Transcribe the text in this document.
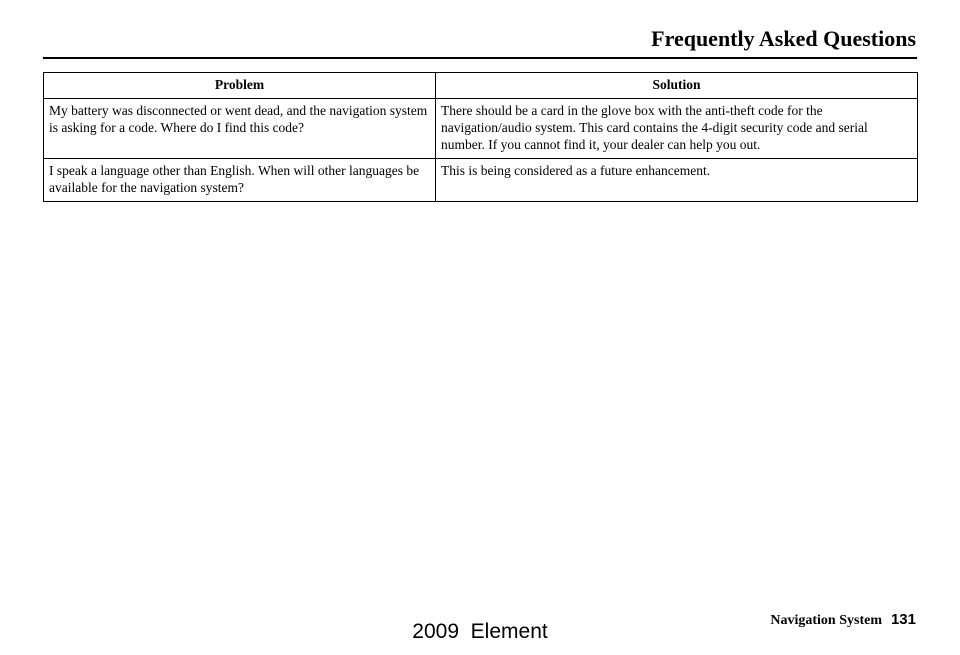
Frequently Asked Questions
Problem	Solution
My battery was disconnected or went dead, and the navigation system is asking for a code. Where do I find this code?	There should be a card in the glove box with the anti-theft code for the navigation/audio system. This card contains the 4-digit security code and serial number. If you cannot find it, your dealer can help you out.
I speak a language other than English. When will other languages be available for the navigation system?	This is being considered as a future enhancement.
Navigation System 131
2009  Element
